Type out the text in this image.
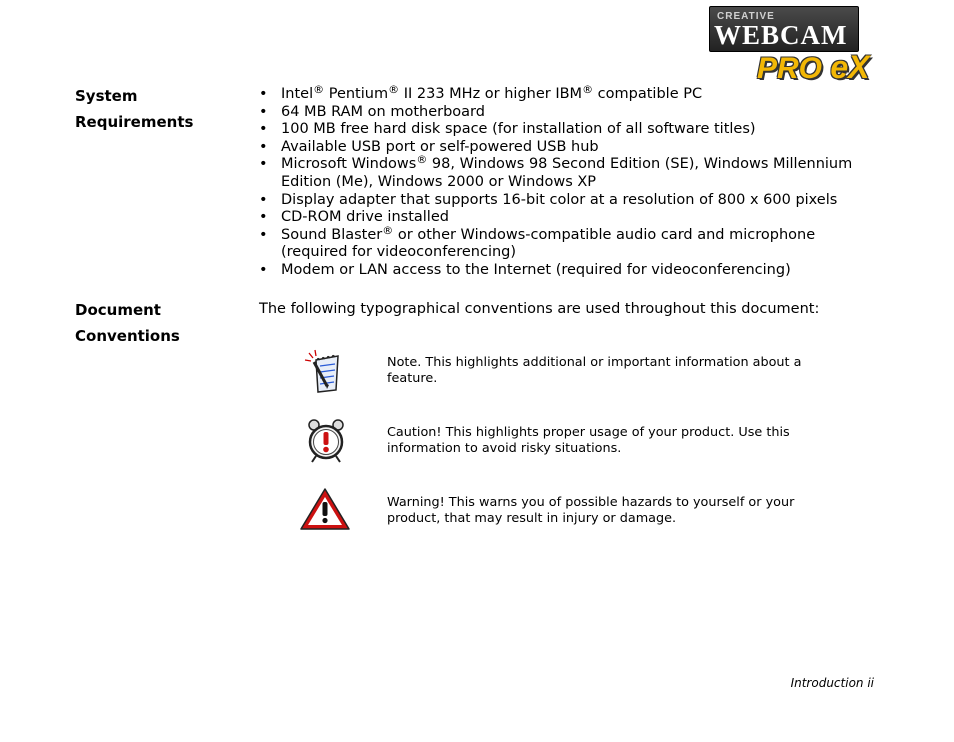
CREATIVE
WEBCAM
PRO eX
System
Requirements
• Intel® Pentium® II 233 MHz or higher IBM® compatible PC
• 64 MB RAM on motherboard
• 100 MB free hard disk space (for installation of all software titles)
• Available USB port or self-powered USB hub
• Microsoft Windows® 98, Windows 98 Second Edition (SE), Windows Millennium Edition (Me), Windows 2000 or Windows XP
• Display adapter that supports 16-bit color at a resolution of 800 x 600 pixels
• CD-ROM drive installed
• Sound Blaster® or other Windows-compatible audio card and microphone (required for videoconferencing)
• Modem or LAN access to the Internet (required for videoconferencing)
Document
Conventions
The following typographical conventions are used throughout this document:
Note. This highlights additional or important information about a feature.
Caution! This highlights proper usage of your product. Use this information to avoid risky situations.
Warning! This warns you of possible hazards to yourself or your product, that may result in injury or damage.
Introduction ii
